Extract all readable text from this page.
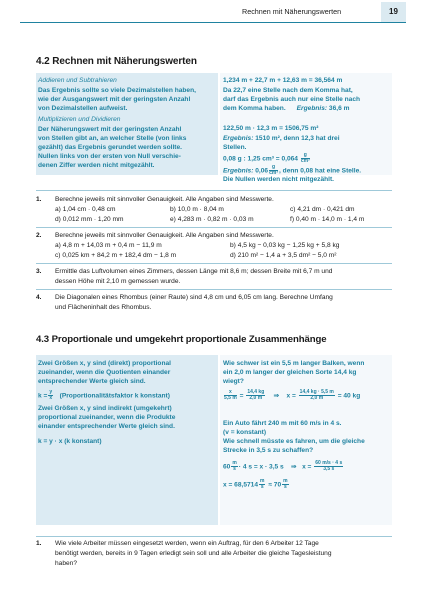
Rechnen mit Näherungswerten	19
4.2 Rechnen mit Näherungswerten
Addieren und Subtrahieren
Das Ergebnis sollte so viele Dezimalstellen haben,
wie der Ausgangswert mit der geringsten Anzahl
von Dezimalstellen aufweist.
Multiplizieren und Dividieren
Der Näherungswert mit der geringsten Anzahl
von Stellen gibt an, an welcher Stelle (von links
gezählt) das Ergebnis gerundet werden sollte.
Nullen links von der ersten von Null verschie-
denen Ziffer werden nicht mitgezählt.
1,234 m + 22,7 m + 12,63 m = 36,564 m
Da 22,7 eine Stelle nach dem Komma hat,
darf das Ergebnis auch nur eine Stelle nach
dem Komma haben. Ergebnis: 36,6 m
122,50 m · 12,3 m = 1506,75 m²
Ergebnis: 1510 m², denn 12,3 hat drei
Stellen.
0,08 g : 1,25 $cm^3 = 0,064 \frac{g}{\text{cm³}}$
Ergebnis: $0,06 \frac{g}{\text{cm³}}$ , denn 0,08 hat eine Stelle.
Die Nullen werden nicht mitgezählt.
1. Berechne jeweils mit sinnvoller Genauigkeit. Alle Angaben sind Messwerte.
a) 1,04 cm · 0,48 cm	b) 10,0 m · 8,04 m	c) 4,21 dm · 0,421 dm
d) 0,012 mm · 1,20 mm	e) 4,283 m · 0,82 m · 0,03 m	f) 0,40 m · 14,0 m · 1,4 m
2. Berechne jeweils mit sinnvoller Genauigkeit. Alle Angaben sind Messwerte.
a) 4,8 m + 14,03 m + 0,4 m − 11,9 m	b) 4,5 kg − 0,03 kg − 1,25 kg + 5,8 kg
c) 0,025 km + 84,2 m + 182,4 dm − 1,8 m	d) 210 m² − 1,4 a + 3,5 dm² − 5,0 m²
3. Ermittle das Luftvolumen eines Zimmers, dessen Länge mit 8,6 m; dessen Breite mit 6,7 m und
dessen Höhe mit 2,10 m gemessen wurde.
4. Die Diagonalen eines Rhombus (einer Raute) sind 4,8 cm und 6,05 cm lang. Berechne Umfang
und Flächeninhalt des Rhombus.
4.3 Proportionale und umgekehrt proportionale Zusammenhänge
Zwei Größen x, y sind (direkt) proportional
zueinander, wenn die Quotienten einander
entsprechender Werte gleich sind.
$k = \frac{y}{x}$ (Proportionalitätsfaktor k konstant)
Zwei Größen x, y sind indirekt (umgekehrt)
proportional zueinander, wenn die Produkte
einander entsprechender Werte gleich sind.
k = y · x (k konstant)
Wie schwer ist ein 5,5 m langer Balken, wenn
ein 2,0 m langer der gleichen Sorte 14,4 kg
wiegt?
$\frac{x}{5,5 m} = \frac{14,4 kg}{2,0 m}$ ⇒ $x = \frac{14,4 kg \cdot 5,5 m}{2,0 m} = 40$ kg
Ein Auto fährt 240 m mit 60 m/s in 4 s.
(v = konstant)
Wie schnell müsste es fahren, um die gleiche
Strecke in 3,5 s zu schaffen?
$60 \frac{m}{s} \cdot 4$ s = x · 3,5 s ⇒ $x = \frac{60 m/s \cdot 4 s}{3,5 s}$
$x = 68,5714 \frac{m}{s} \approx 70 \frac{m}{s}$
1. Wie viele Arbeiter müssen eingesetzt werden, wenn ein Auftrag, für den 6 Arbeiter 12 Tage
benötigt werden, bereits in 9 Tagen erledigt sein soll und alle Arbeiter die gleiche Tagesleistung
haben?
